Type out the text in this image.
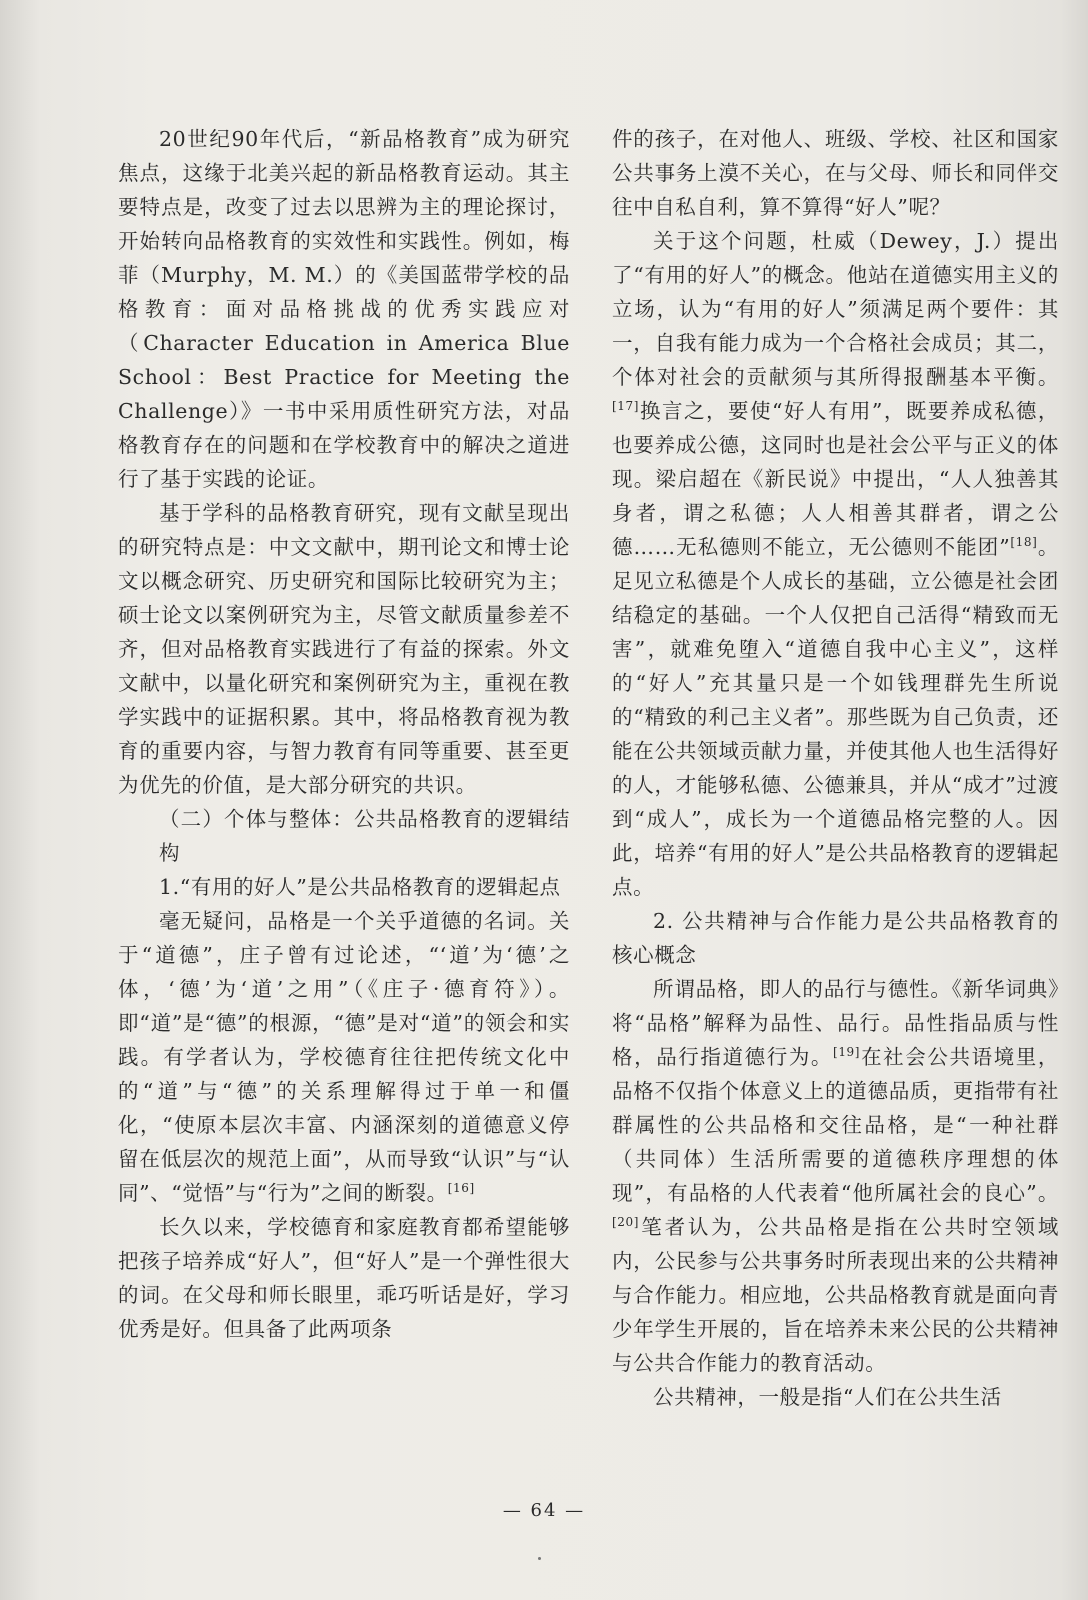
20世纪90年代后，“新品格教育”成为研究焦点，这缘于北美兴起的新品格教育运动。其主要特点是，改变了过去以思辨为主的理论探讨，开始转向品格教育的实效性和实践性。例如，梅菲（Murphy，M. M.）的《美国蓝带学校的品格教育：面对品格挑战的优秀实践应对（Character Education in America Blue School：Best Practice for Meeting the Challenge）》一书中采用质性研究方法，对品格教育存在的问题和在学校教育中的解决之道进行了基于实践的论证。

基于学科的品格教育研究，现有文献呈现出的研究特点是：中文文献中，期刊论文和博士论文以概念研究、历史研究和国际比较研究为主；硕士论文以案例研究为主，尽管文献质量参差不齐，但对品格教育实践进行了有益的探索。外文文献中，以量化研究和案例研究为主，重视在教学实践中的证据积累。其中，将品格教育视为教育的重要内容，与智力教育有同等重要、甚至更为优先的价值，是大部分研究的共识。

（二）个体与整体：公共品格教育的逻辑结构

1.“有用的好人”是公共品格教育的逻辑起点

毫无疑问，品格是一个关乎道德的名词。关于“道德”，庄子曾有过论述，“‘道’为‘德’之体，‘德’为‘道’之用”（《庄子·德育符》）。即“道”是“德”的根源，“德”是对“道”的领会和实践。有学者认为，学校德育往往把传统文化中的“道”与“德”的关系理解得过于单一和僵化，“使原本层次丰富、内涵深刻的道德意义停留在低层次的规范上面”，从而导致“认识”与“认同”、“觉悟”与“行为”之间的断裂。[16]

长久以来，学校德育和家庭教育都希望能够把孩子培养成“好人”，但“好人”是一个弹性很大的词。在父母和师长眼里，乖巧听话是好，学习优秀是好。但具备了此两项条

件的孩子，在对他人、班级、学校、社区和国家公共事务上漠不关心，在与父母、师长和同伴交往中自私自利，算不算得“好人”呢？

关于这个问题，杜威（Dewey，J.）提出了“有用的好人”的概念。他站在道德实用主义的立场，认为“有用的好人”须满足两个要件：其一，自我有能力成为一个合格社会成员；其二，个体对社会的贡献须与其所得报酬基本平衡。[17]换言之，要使“好人有用”，既要养成私德，也要养成公德，这同时也是社会公平与正义的体现。梁启超在《新民说》中提出，“人人独善其身者，谓之私德；人人相善其群者，谓之公德……无私德则不能立，无公德则不能团”[18]。足见立私德是个人成长的基础，立公德是社会团结稳定的基础。一个人仅把自己活得“精致而无害”，就难免堕入“道德自我中心主义”，这样的“好人”充其量只是一个如钱理群先生所说的“精致的利己主义者”。那些既为自己负责，还能在公共领域贡献力量，并使其他人也生活得好的人，才能够私德、公德兼具，并从“成才”过渡到“成人”，成长为一个道德品格完整的人。因此，培养“有用的好人”是公共品格教育的逻辑起点。

2. 公共精神与合作能力是公共品格教育的核心概念

所谓品格，即人的品行与德性。《新华词典》将“品格”解释为品性、品行。品性指品质与性格，品行指道德行为。[19]在社会公共语境里，品格不仅指个体意义上的道德品质，更指带有社群属性的公共品格和交往品格，是“一种社群（共同体）生活所需要的道德秩序理想的体现”，有品格的人代表着“他所属社会的良心”。[20]笔者认为，公共品格是指在公共时空领域内，公民参与公共事务时所表现出来的公共精神与合作能力。相应地，公共品格教育就是面向青少年学生开展的，旨在培养未来公民的公共精神与公共合作能力的教育活动。

公共精神，一般是指“人们在公共生活

— 64 —
